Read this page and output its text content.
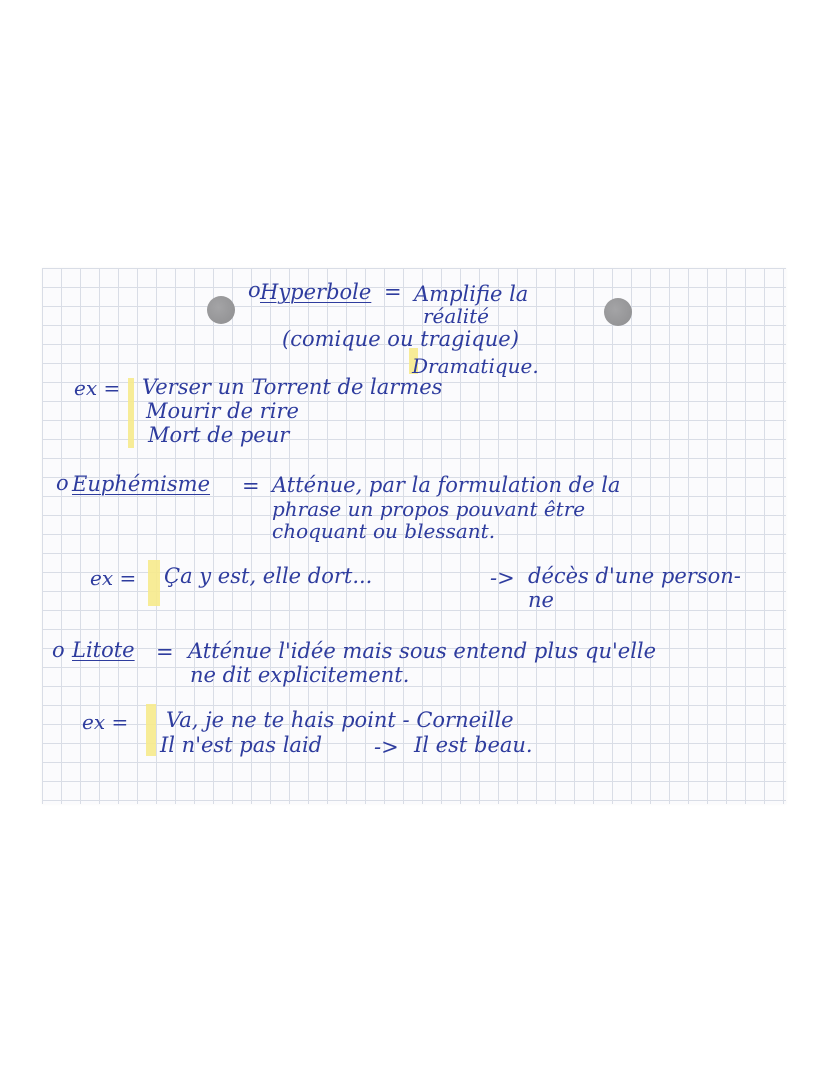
o Hyperbole = Amplifie la
réalité
(comique ou tragique)
Dramatique.
ex = Verser un Torrent de larmes
Mourir de rire
Mort de peur
o Euphémisme = Atténue, par la formulation de la
phrase un propos pouvant être
choquant ou blessant.
ex = Ça y est, elle dort...	-> décès d'une person-
ne
o Litote = Atténue l'idée mais sous entend plus qu'elle
ne dit explicitement.
ex = Va, je ne te hais point - Corneille
Il n'est pas laid -> Il est beau.
